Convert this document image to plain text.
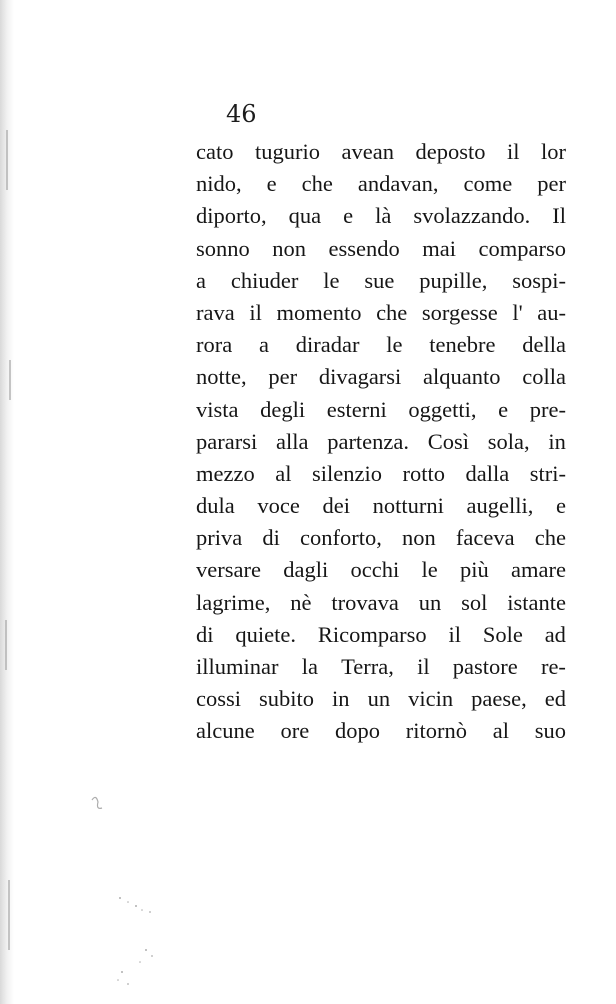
46
cato tugurio avean deposto il lor
nido, e che andavan, come per
diporto, qua e là svolazzando. Il
sonno non essendo mai comparso
a chiuder le sue pupille, sospi-
rava il momento che sorgesse l' au-
rora a diradar le tenebre della
notte, per divagarsi alquanto colla
vista degli esterni oggetti, e pre-
pararsi alla partenza. Così sola, in
mezzo al silenzio rotto dalla stri-
dula voce dei notturni augelli, e
priva di conforto, non faceva che
versare dagli occhi le più amare
lagrime, nè trovava un sol istante
di quiete. Ricomparso il Sole ad
illuminar la Terra, il pastore re-
cossi subito in un vicin paese, ed
alcune ore dopo ritornò al suo
